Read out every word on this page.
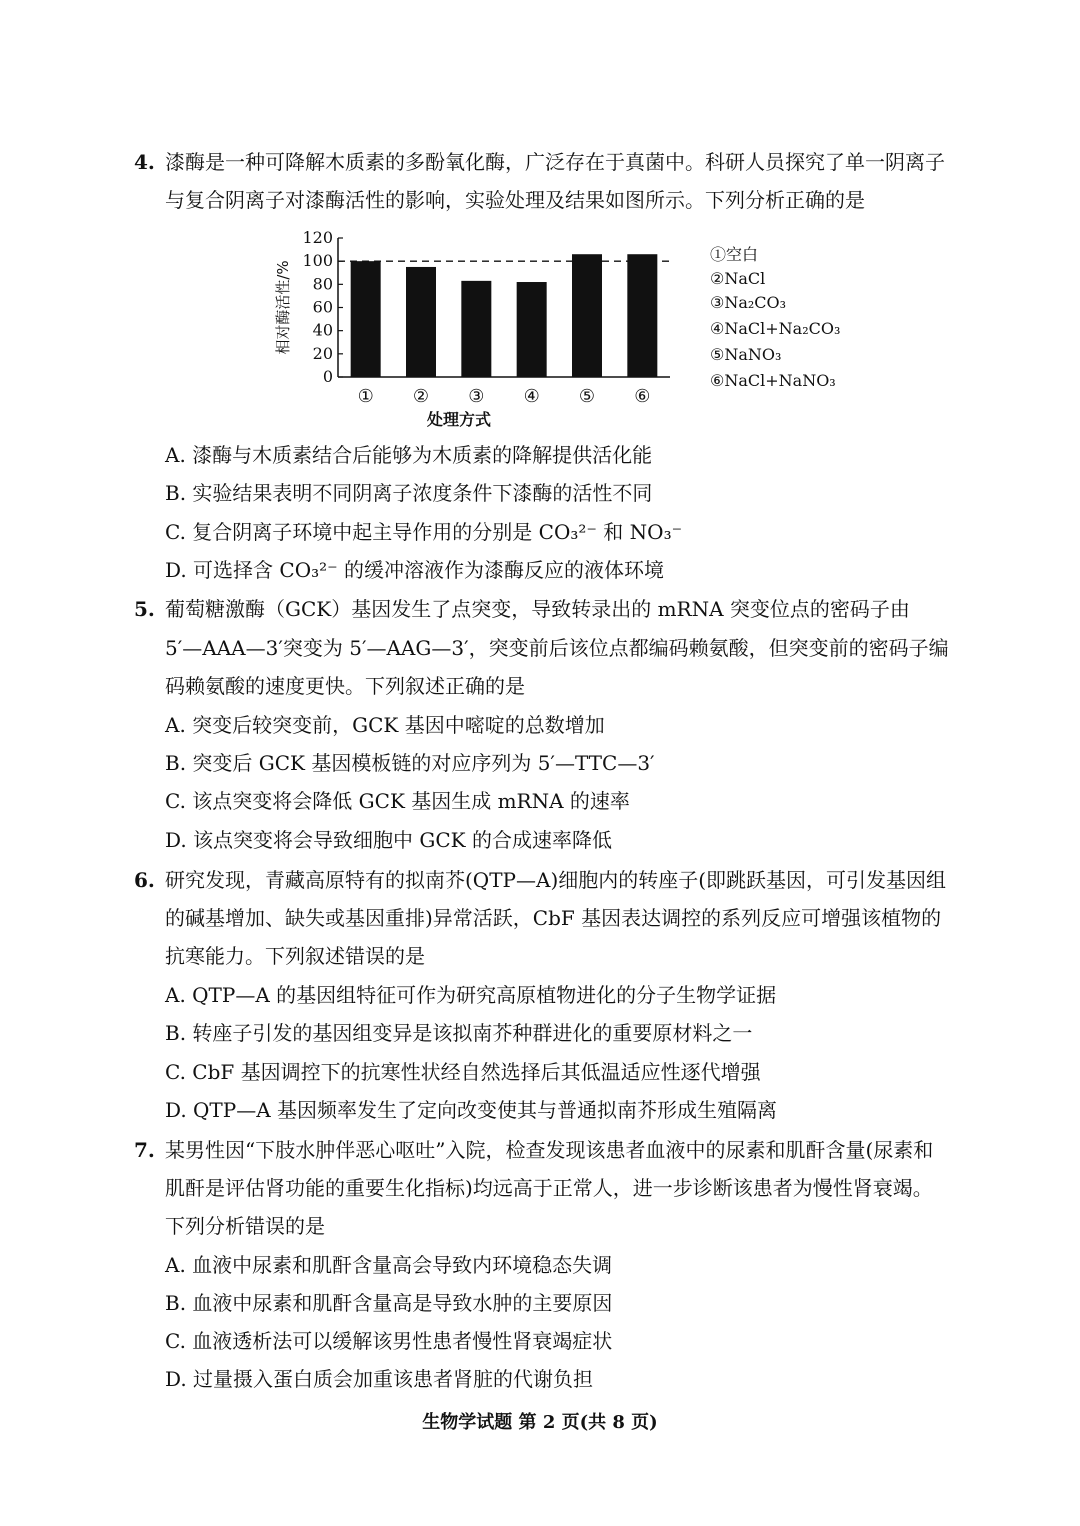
4. 漆酶是一种可降解木质素的多酚氧化酶，广泛存在于真菌中。科研人员探究了单一阴离子
与复合阴离子对漆酶活性的影响，实验处理及结果如图所示。下列分析正确的是
0
20
40
60
80
100
120
相对酶活性/%
① ② ③ ④ ⑤ ⑥
处理方式
①空白
②NaCl
③Na₂CO₃
④NaCl+Na₂CO₃
⑤NaNO₃
⑥NaCl+NaNO₃
A. 漆酶与木质素结合后能够为木质素的降解提供活化能
B. 实验结果表明不同阴离子浓度条件下漆酶的活性不同
C. 复合阴离子环境中起主导作用的分别是 CO₃²⁻ 和 NO₃⁻
D. 可选择含 CO₃²⁻ 的缓冲溶液作为漆酶反应的液体环境
5. 葡萄糖激酶（GCK）基因发生了点突变，导致转录出的 mRNA 突变位点的密码子由
5′—AAA—3′突变为 5′—AAG—3′，突变前后该位点都编码赖氨酸，但突变前的密码子编
码赖氨酸的速度更快。下列叙述正确的是
A. 突变后较突变前，GCK 基因中嘧啶的总数增加
B. 突变后 GCK 基因模板链的对应序列为 5′—TTC—3′
C. 该点突变将会降低 GCK 基因生成 mRNA 的速率
D. 该点突变将会导致细胞中 GCK 的合成速率降低
6. 研究发现，青藏高原特有的拟南芥(QTP—A)细胞内的转座子(即跳跃基因，可引发基因组
的碱基增加、缺失或基因重排)异常活跃，CbF 基因表达调控的系列反应可增强该植物的
抗寒能力。下列叙述错误的是
A. QTP—A 的基因组特征可作为研究高原植物进化的分子生物学证据
B. 转座子引发的基因组变异是该拟南芥种群进化的重要原材料之一
C. CbF 基因调控下的抗寒性状经自然选择后其低温适应性逐代增强
D. QTP—A 基因频率发生了定向改变使其与普通拟南芥形成生殖隔离
7. 某男性因“下肢水肿伴恶心呕吐”入院，检查发现该患者血液中的尿素和肌酐含量(尿素和
肌酐是评估肾功能的重要生化指标)均远高于正常人，进一步诊断该患者为慢性肾衰竭。
下列分析错误的是
A. 血液中尿素和肌酐含量高会导致内环境稳态失调
B. 血液中尿素和肌酐含量高是导致水肿的主要原因
C. 血液透析法可以缓解该男性患者慢性肾衰竭症状
D. 过量摄入蛋白质会加重该患者肾脏的代谢负担
生物学试题 第 2 页(共 8 页)
